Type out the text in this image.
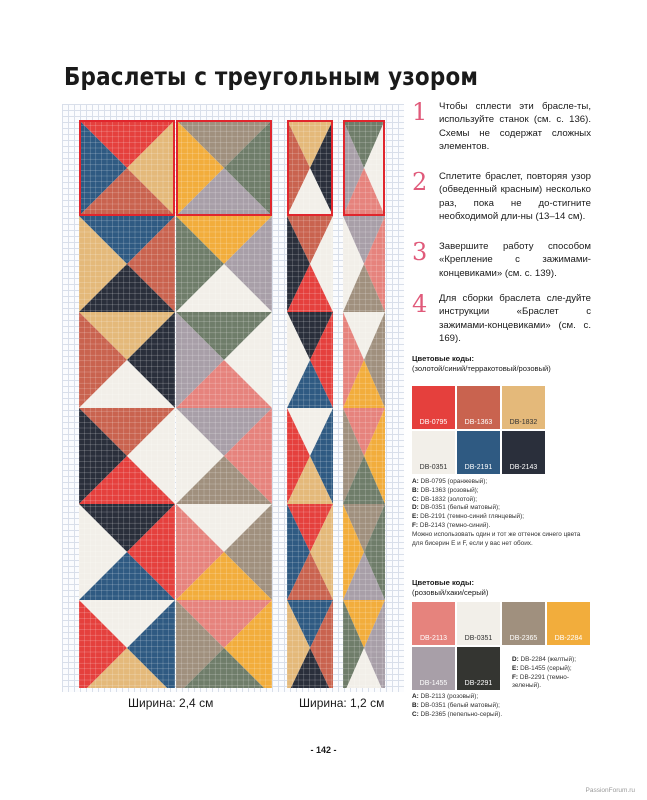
Браслеты с треугольным узором
Ширина: 2,4 см	Ширина: 1,2 см
1 Чтобы сплести эти брасле-ты, используйте станок (см. с. 136). Схемы не содержат сложных элементов.
2 Сплетите браслет, повторяя узор (обведенный красным) несколько раз, пока не до-стигните необходимой дли-ны (13–14 см).
3 Завершите работу способом «Крепление с зажимами-концевиками» (см. с. 139).
4 Для сборки браслета сле-дуйте инструкции «Браслет с зажимами-концевиками» (см. с. 169).
Цветовые коды:
(золотой/синий/терракотовый/розовый)
DB-0795 DB-1363 DB-1832
DB-0351 DB-2191 DB-2143
A: DB-0795 (оранжевый);
B: DB-1363 (розовый);
C: DB-1832 (золотой);
D: DB-0351 (белый матовый);
E: DB-2191 (темно-синий глянцевый);
F: DB-2143 (темно-синий).
Можно использовать один и тот же оттенок синего цвета для бисерин E и F, если у вас нет обоих.
Цветовые коды:
(розовый/хаки/серый)
DB-2113	DB-0351 DB-2365 DB-2284
DB-1455 DB-2291
D: DB-2284 (желтый);
E: DB-1455 (серый);
F: DB-2291 (темно-зеленый).
A: DB-2113 (розовый);
B: DB-0351 (белый матовый);
C: DB-2365 (пепельно-серый).
- 142 -
PassionForum.ru
